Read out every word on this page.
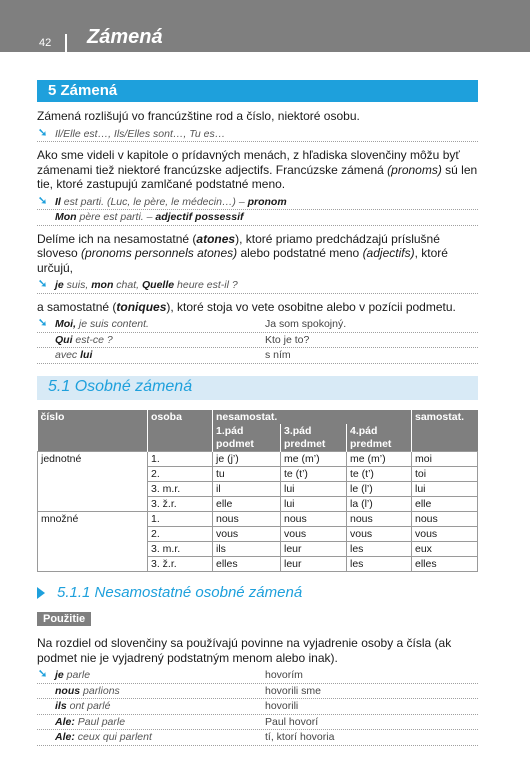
42 Zámená
5 Zámená

Zámená rozlišujú vo francúzštine rod a číslo, niektoré osobu.

➘ Il/Elle est…, Ils/Elles sont…, Tu es…

Ako sme videli v kapitole o prídavných menách, z hľadiska slovenčiny môžu byť zámenami tiež niektoré francúzske adjectifs. Francúzske zámená (pronoms) sú len tie, ktoré zastupujú zamlčané podstatné meno.

➘ Il est parti. (Luc, le père, le médecin…) – pronom
Mon père est parti. – adjectif possessif

Delíme ich na nesamostatné (atones), ktoré priamo predchádzajú príslušné sloveso (pronoms personnels atones) alebo podstatné meno (adjectifs), ktoré určujú,

➘ je suis, mon chat, Quelle heure est-il ?

a samostatné (toniques), ktoré stoja vo vete osobitne alebo v pozícii podmetu.

➘ Moi, je suis content.	Ja som spokojný.
Qui est-ce ?	Kto je to?
avec lui	s ním
5.1 Osobné zámená
číslo	osoba	nesamostat.			samostat.
		1.pád podmet	3.pád predmet	4.pád predmet	
jednotné	1.	je (j’)	me (m’)	me (m’)	moi
	2.	tu	te (t’)	te (t’)	toi
	3. m.r.	il	lui	le (l’)	lui
	3. ž.r.	elle	lui	la (l’)	elle
množné	1.	nous	nous	nous	nous
	2.	vous	vous	vous	vous
	3. m.r.	ils	leur	les	eux
	3. ž.r.	elles	leur	les	elles
5.1.1 Nesamostatné osobné zámená
Použitie

Na rozdiel od slovenčiny sa používajú povinne na vyjadrenie osoby a čísla (ak podmet nie je vyjadrený podstatným menom alebo inak).

➘ je parle	hovorím
nous parlions	hovorili sme
ils ont parlé	hovorili
Ale: Paul parle	Paul hovorí
Ale: ceux qui parlent	tí, ktorí hovoria
